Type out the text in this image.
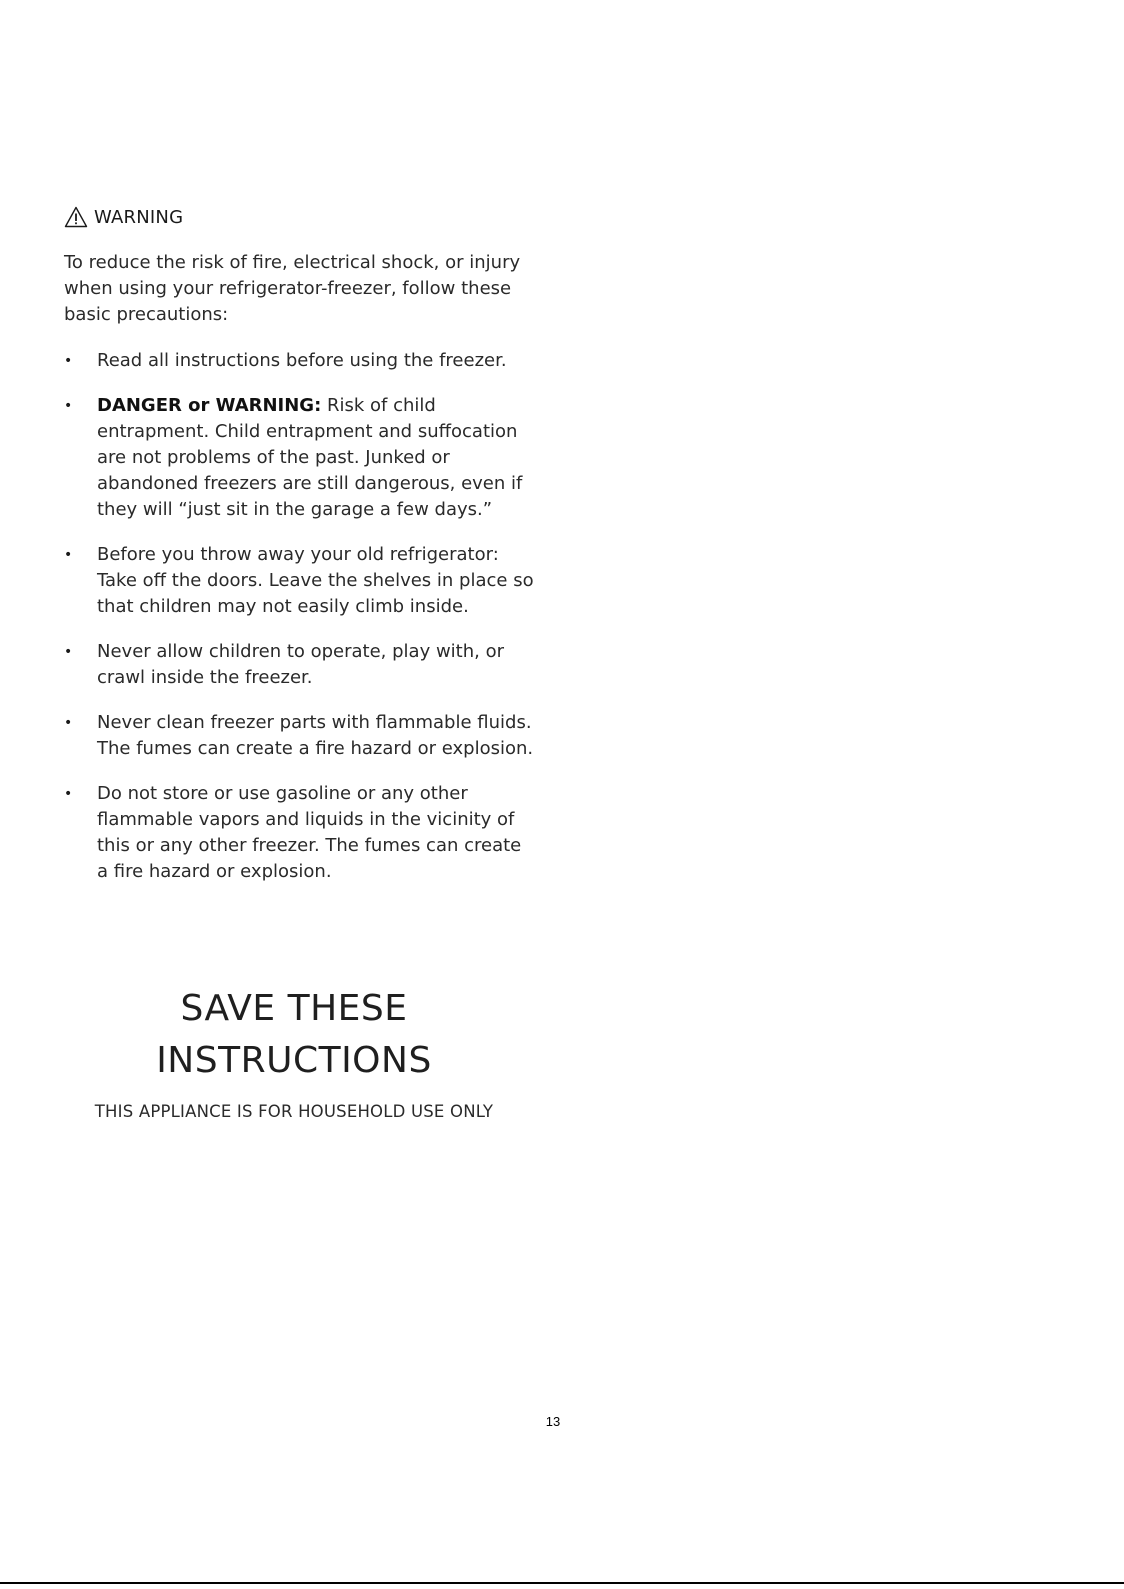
WARNING

To reduce the risk of fire, electrical shock, or injury when using your refrigerator-freezer, follow these basic precautions:

• Read all instructions before using the freezer.
• DANGER or WARNING: Risk of child entrapment. Child entrapment and suffocation are not problems of the past. Junked or abandoned freezers are still dangerous, even if they will “just sit in the garage a few days.”
• Before you throw away your old refrigerator: Take off the doors. Leave the shelves in place so that children may not easily climb inside.
• Never allow children to operate, play with, or crawl inside the freezer.
• Never clean freezer parts with flammable fluids. The fumes can create a fire hazard or explosion.
• Do not store or use gasoline or any other flammable vapors and liquids in the vicinity of this or any other freezer. The fumes can create a fire hazard or explosion.

SAVE THESE

INSTRUCTIONS

THIS APPLIANCE IS FOR HOUSEHOLD USE ONLY
13
